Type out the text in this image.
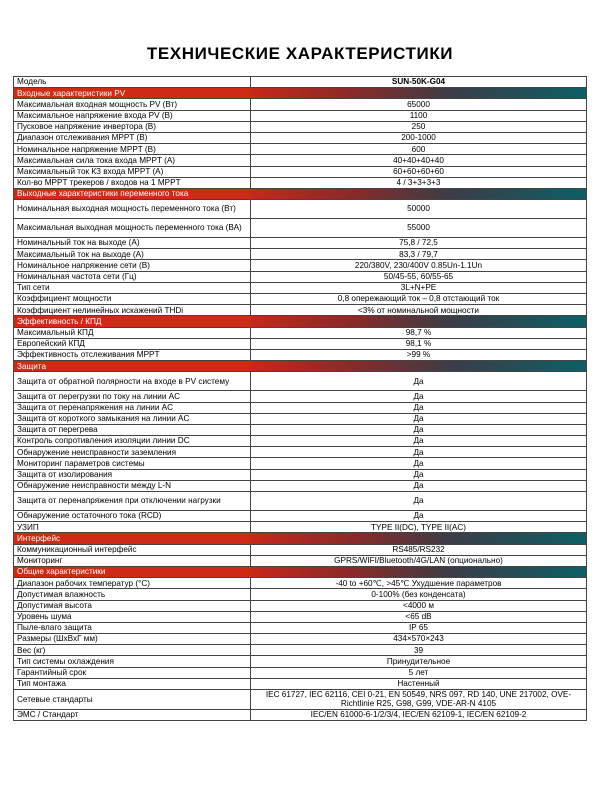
ТЕХНИЧЕСКИЕ ХАРАКТЕРИСТИКИ
Модель	SUN-50K-G04
Входные характеристики PV	
Максимальная входная мощность PV (Вт)	65000
Максимальное напряжение входа PV (В)	1100
Пусковое напряжение инвертора (В)	250
Диапазон отслеживания MPPT (В)	200-1000
Номинальное напряжение MPPT (В)	600
Максимальная сила тока входа MPPT (A)	40+40+40+40
Максимальный ток КЗ входа MPPT (A)	60+60+60+60
Кол-во MPPT трекеров / входов на 1 MPPT	4 / 3+3+3+3
Выходные характеристики переменного тока	
Номинальная выходная мощность переменного тока (Вт)	50000
Максимальная выходная мощность переменного тока (ВА)	55000
Номинальный ток на выходе (A)	75,8 / 72,5
Максимальный ток на выходе (A)	83,3 / 79,7
Номинальное напряжение сети (В)	220/380V, 230/400V 0.85Un-1.1Un
Номинальная частота сети (Гц)	50/45-55, 60/55-65
Тип сети	3L+N+PE
Коэффициент мощности	0,8 опережающий ток – 0,8 отстающий ток
Коэффициент нелинейных искажений THDi	<3% от номинальной мощности
Эффективность / КПД	
Максимальный КПД	98,7 %
Европейский КПД	98,1 %
Эффективность отслеживания MPPT	>99 %
Защита	
Защита от обратной полярности на входе в PV систему	Да
Защита от перегрузки по току на линии AC	Да
Защита от перенапряжения на линии AC	Да
Защита от короткого замыкания на линии AC	Да
Защита от перегрева	Да
Контроль сопротивления изоляции линии DC	Да
Обнаружение неисправности заземления	Да
Мониторинг параметров системы	Да
Защита от изолирования	Да
Обнаружение неисправности между L-N	Да
Защита от перенапряжения при отключении нагрузки	Да
Обнаружение остаточного тока (RCD)	Да
УЗИП	TYPE II(DC), TYPE II(AC)
Интерфейс	
Коммуникационный интерфейс	RS485/RS232
Мониторинг	GPRS/WIFI/Bluetooth/4G/LAN (опционально)
Общие характеристики	
Диапазон рабочих температур (°C)	-40 to +60℃, >45℃ Ухудшение параметров
Допустимая влажность	0-100% (без конденсата)
Допустимая высота	<4000 м
Уровень шума	<65 dB
Пыле-влаго защита	IP 65
Размеры (ШхВхГ мм)	434×570×243
Вес (кг)	39
Тип системы охлаждения	Принудительное
Гарантийный срок	5 лет
Тип монтажа	Настенный
Сетевые стандарты	IEC 61727, IEC 62116, CEI 0-21, EN 50549, NRS 097, RD 140, UNE 217002, OVE-Richtlinie R25, G98, G99, VDE-AR-N 4105
ЭМС / Стандарт	IEC/EN 61000-6-1/2/3/4, IEC/EN 62109-1, IEC/EN 62109-2
